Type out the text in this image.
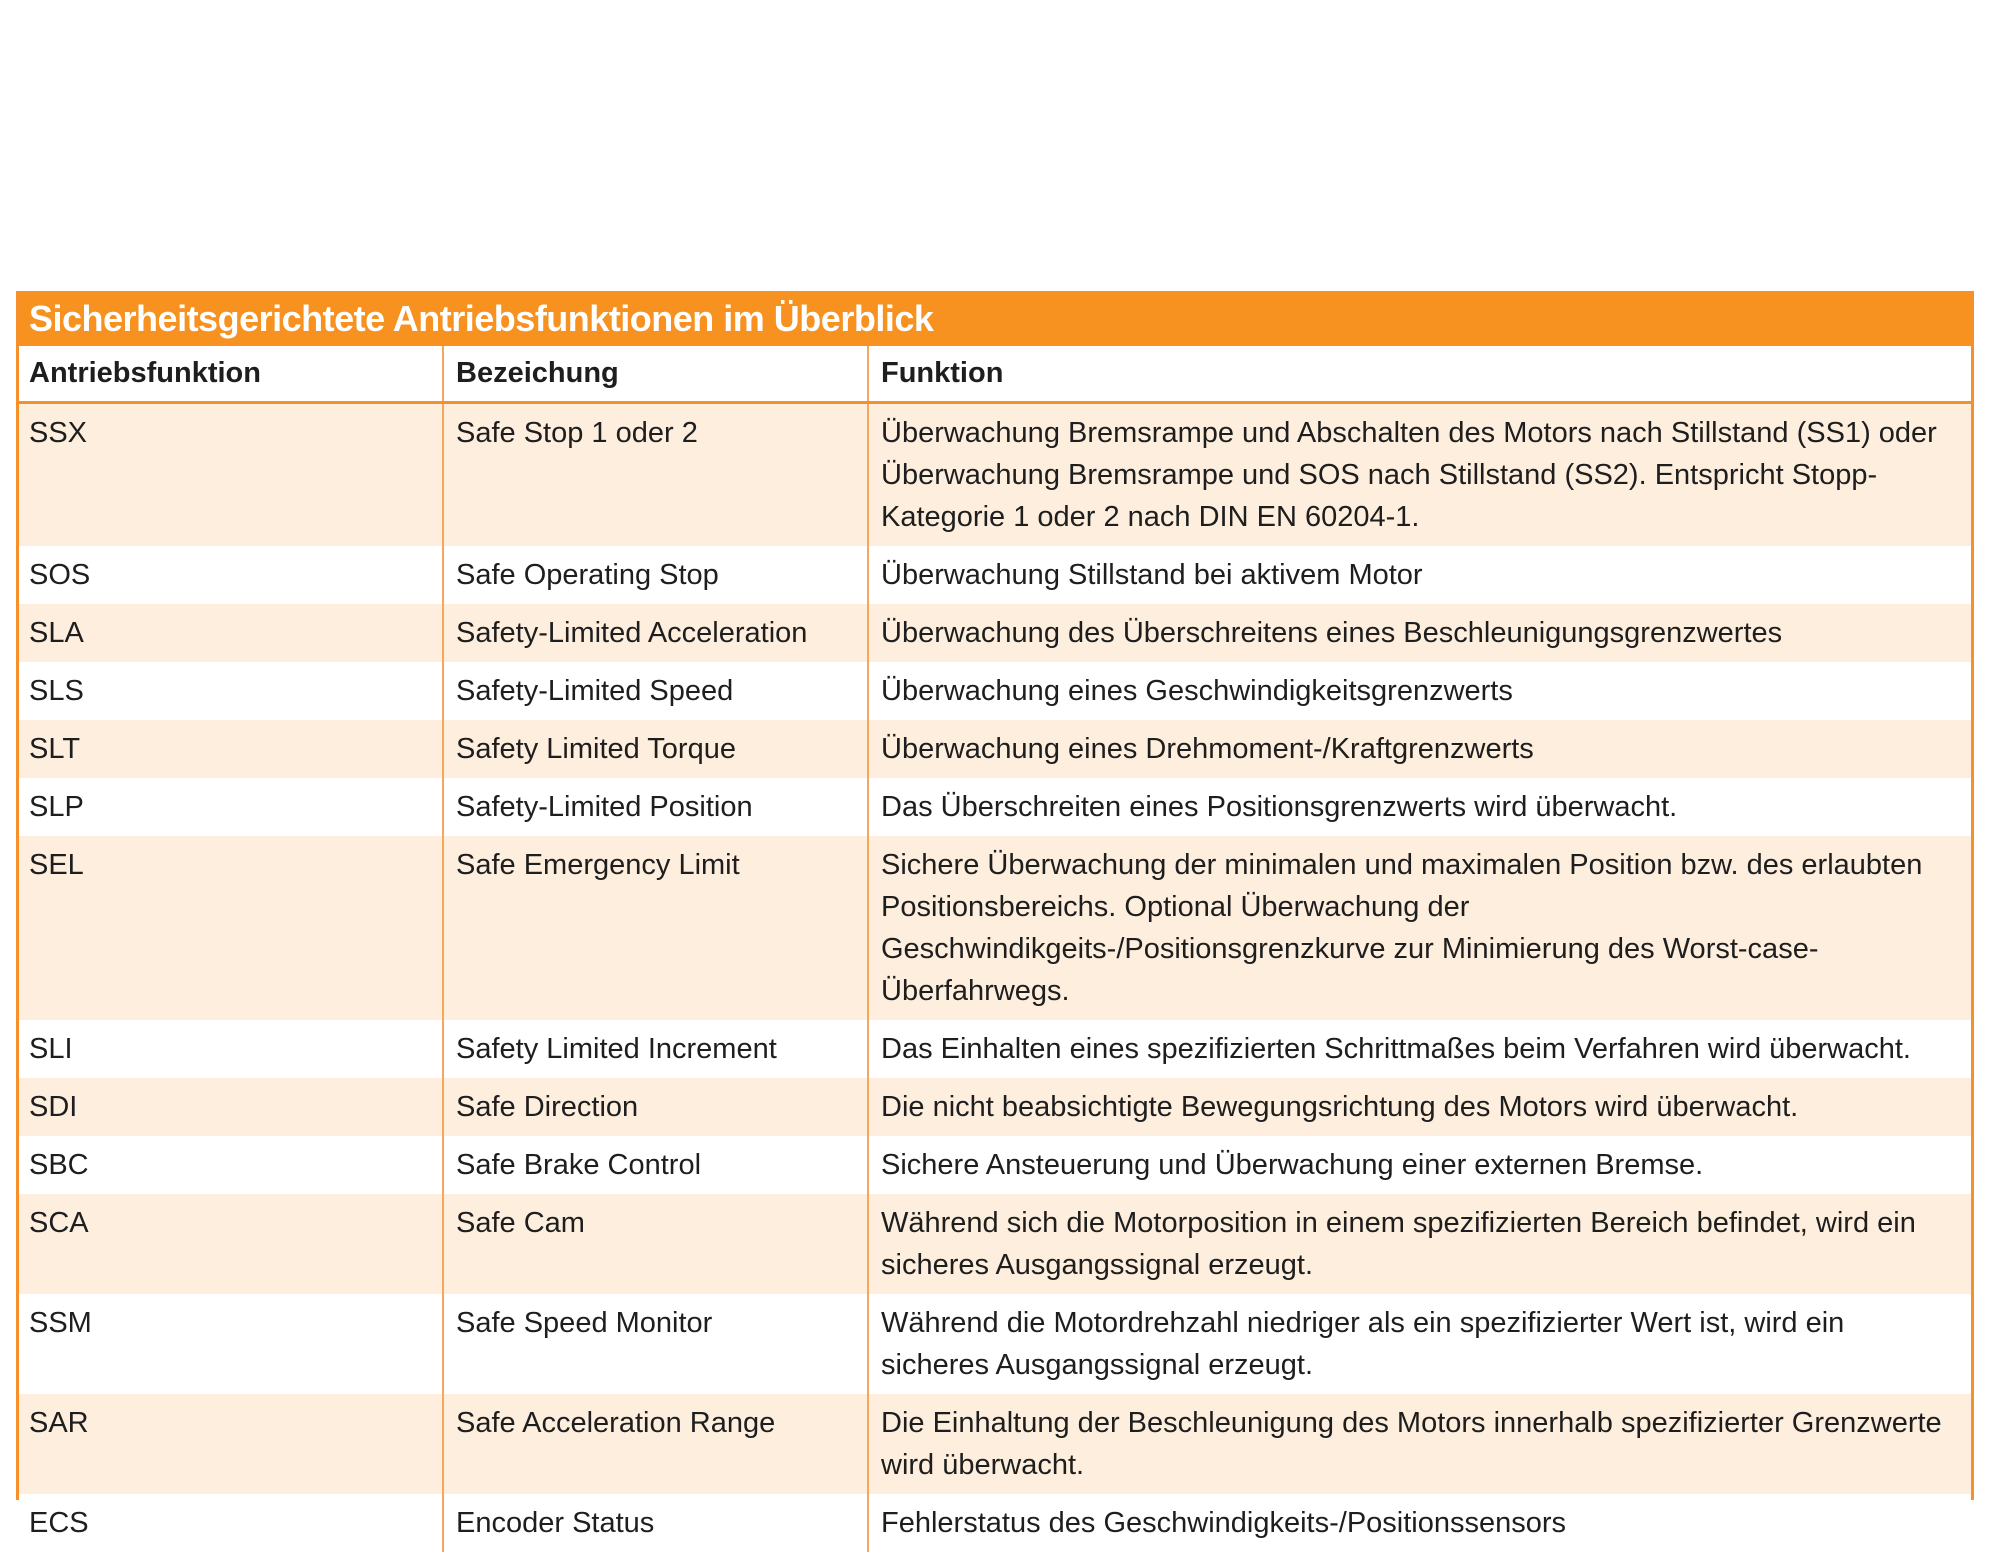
Sicherheitsgerichtete Antriebsfunktionen im Überblick
Antriebsfunktion	Bezeichung	Funktion
SSX	Safe Stop 1 oder 2	Überwachung Bremsrampe und Abschalten des Motors nach Stillstand (SS1) oder Überwachung Bremsrampe und SOS nach Stillstand (SS2). Entspricht Stopp-Kategorie 1 oder 2 nach DIN EN 60204-1.
SOS	Safe Operating Stop	Überwachung Stillstand bei aktivem Motor
SLA	Safety-Limited Acceleration	Überwachung des Überschreitens eines Beschleunigungsgrenzwertes
SLS	Safety-Limited Speed	Überwachung eines Geschwindigkeitsgrenzwerts
SLT	Safety Limited Torque	Überwachung eines Drehmoment-/Kraftgrenzwerts
SLP	Safety-Limited Position	Das Überschreiten eines Positionsgrenzwerts wird überwacht.
SEL	Safe Emergency Limit	Sichere Überwachung der minimalen und maximalen Position bzw. des erlaubten Positionsbereichs. Optional Überwachung der Geschwindikgeits-/Positionsgrenzkurve zur Minimierung des Worst-case-Überfahrwegs.
SLI	Safety Limited Increment	Das Einhalten eines spezifizierten Schrittmaßes beim Verfahren wird überwacht.
SDI	Safe Direction	Die nicht beabsichtigte Bewegungsrichtung des Motors wird überwacht.
SBC	Safe Brake Control	Sichere Ansteuerung und Überwachung einer externen Bremse.
SCA	Safe Cam	Während sich die Motorposition in einem spezifizierten Bereich befindet, wird ein sicheres Ausgangssignal erzeugt.
SSM	Safe Speed Monitor	Während die Motordrehzahl niedriger als ein spezifizierter Wert ist, wird ein sicheres Ausgangssignal erzeugt.
SAR	Safe Acceleration Range	Die Einhaltung der Beschleunigung des Motors innerhalb spezifizierter Grenzwerte wird überwacht.
ECS	Encoder Status	Fehlerstatus des Geschwindigkeits-/Positionssensors
